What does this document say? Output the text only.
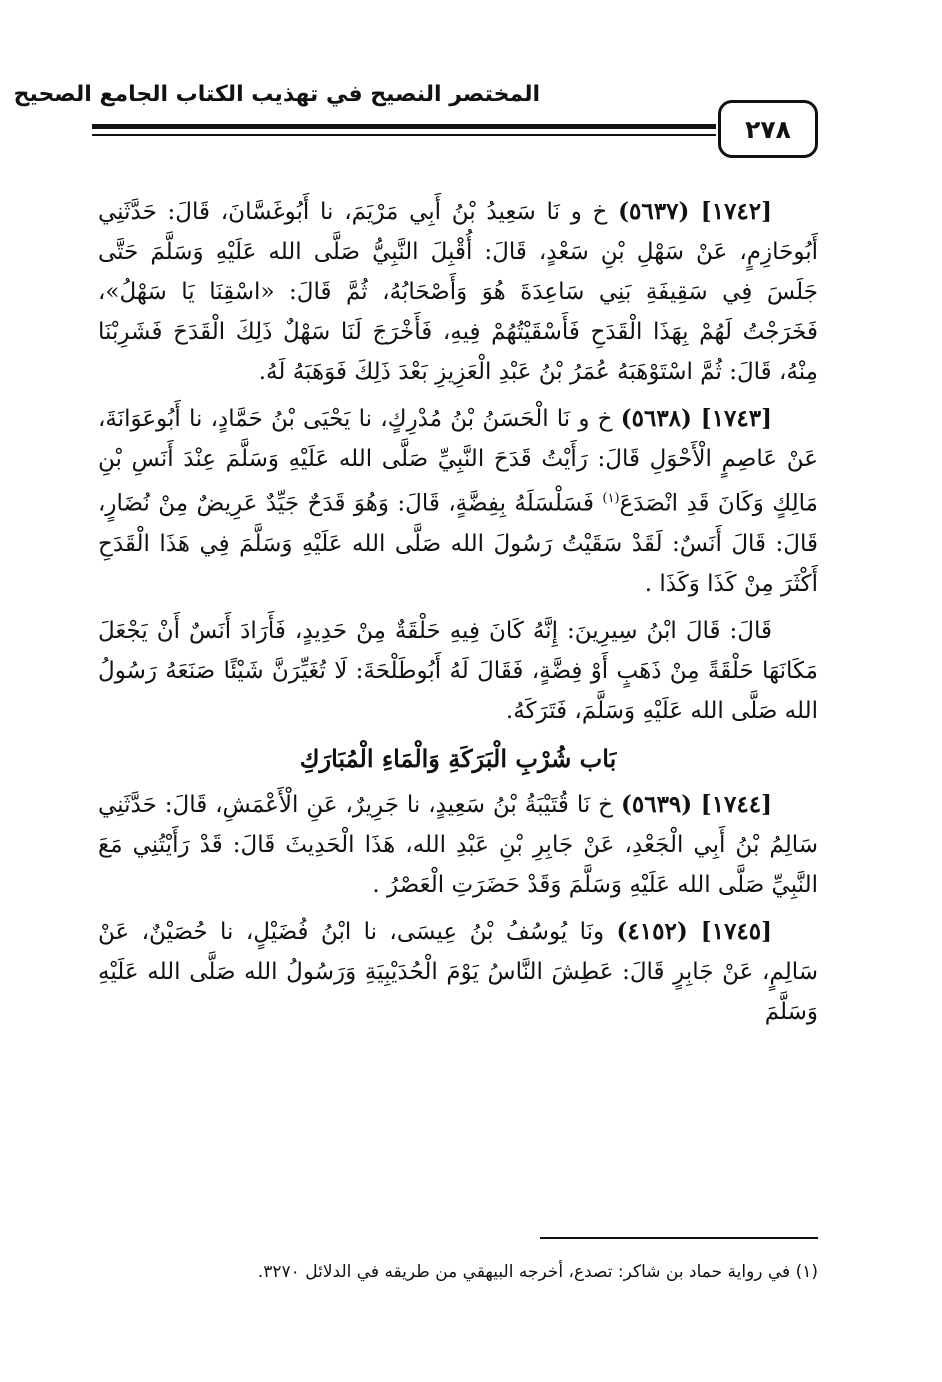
المختصر النصيح في تهذيب الكتاب الجامع الصحيح
٢٧٨

[١٧٤٢] (٥٦٣٧) خ و نَا سَعِيدُ بْنُ أَبِي مَرْيَمَ، نا أَبُوغَسَّانَ، قَالَ: حَدَّثَنِي أَبُوحَازِمٍ، عَنْ سَهْلِ بْنِ سَعْدٍ، قَالَ: أُقْبِلَ النَّبِيُّ صَلَّى الله عَلَيْهِ وَسَلَّمَ حَتَّى جَلَسَ فِي سَقِيفَةِ بَنِي سَاعِدَةَ هُوَ وَأَصْحَابُهُ، ثُمَّ قَالَ: «اسْقِنَا يَا سَهْلُ»، فَخَرَجْتُ لَهُمْ بِهَذَا الْقَدَحِ فَأَسْقَيْتُهُمْ فِيهِ، فَأَخْرَجَ لَنَا سَهْلٌ ذَلِكَ الْقَدَحَ فَشَرِبْنَا مِنْهُ، قَالَ: ثُمَّ اسْتَوْهَبَهُ عُمَرُ بْنُ عَبْدِ الْعَزِيزِ بَعْدَ ذَلِكَ فَوَهَبَهُ لَهُ.

[١٧٤٣] (٥٦٣٨) خ و نَا الْحَسَنُ بْنُ مُدْرِكٍ، نا يَحْيَى بْنُ حَمَّادٍ، نا أَبُوعَوَانَةَ، عَنْ عَاصِمٍ الْأَحْوَلِ قَالَ: رَأَيْتُ قَدَحَ النَّبِيِّ صَلَّى الله عَلَيْهِ وَسَلَّمَ عِنْدَ أَنَسِ بْنِ مَالِكٍ وَكَانَ قَدِ انْصَدَعَ$^{(١)}$ فَسَلْسَلَهُ بِفِضَّةٍ، قَالَ: وَهُوَ قَدَحٌ جَيِّدٌ عَرِيضٌ مِنْ نُضَارٍ، قَالَ: قَالَ أَنَسٌ: لَقَدْ سَقَيْتُ رَسُولَ الله صَلَّى الله عَلَيْهِ وَسَلَّمَ فِي هَذَا الْقَدَحِ أَكْثَرَ مِنْ كَذَا وَكَذَا .

قَالَ: قَالَ ابْنُ سِيرِينَ: إِنَّهُ كَانَ فِيهِ حَلْقَةٌ مِنْ حَدِيدٍ، فَأَرَادَ أَنَسٌ أَنْ يَجْعَلَ مَكَانَهَا حَلْقَةً مِنْ ذَهَبٍ أَوْ فِضَّةٍ، فَقَالَ لَهُ أَبُوطَلْحَةَ: لَا تُغَيِّرَنَّ شَيْئًا صَنَعَهُ رَسُولُ الله صَلَّى الله عَلَيْهِ وَسَلَّمَ، فَتَرَكَهُ.

بَاب شُرْبِ الْبَرَكَةِ وَالْمَاءِ الْمُبَارَكِ

[١٧٤٤] (٥٦٣٩) خ نَا قُتَيْبَةُ بْنُ سَعِيدٍ، نا جَرِيرٌ، عَنِ الْأَعْمَشِ، قَالَ: حَدَّثَنِي سَالِمُ بْنُ أَبِي الْجَعْدِ، عَنْ جَابِرِ بْنِ عَبْدِ الله، هَذَا الْحَدِيثَ قَالَ: قَدْ رَأَيْتُنِي مَعَ النَّبِيِّ صَلَّى الله عَلَيْهِ وَسَلَّمَ وَقَدْ حَضَرَتِ الْعَصْرُ .

[١٧٤٥] (٤١٥٢) ونَا يُوسُفُ بْنُ عِيسَى، نا ابْنُ فُضَيْلٍ، نا حُصَيْنٌ، عَنْ سَالِمٍ، عَنْ جَابِرٍ قَالَ: عَطِشَ النَّاسُ يَوْمَ الْحُدَيْبِيَةِ وَرَسُولُ الله صَلَّى الله عَلَيْهِ وَسَلَّمَ

(١) في رواية حماد بن شاكر: تصدع، أخرجه البيهقي من طريقه في الدلائل ٣٢٧٠.
